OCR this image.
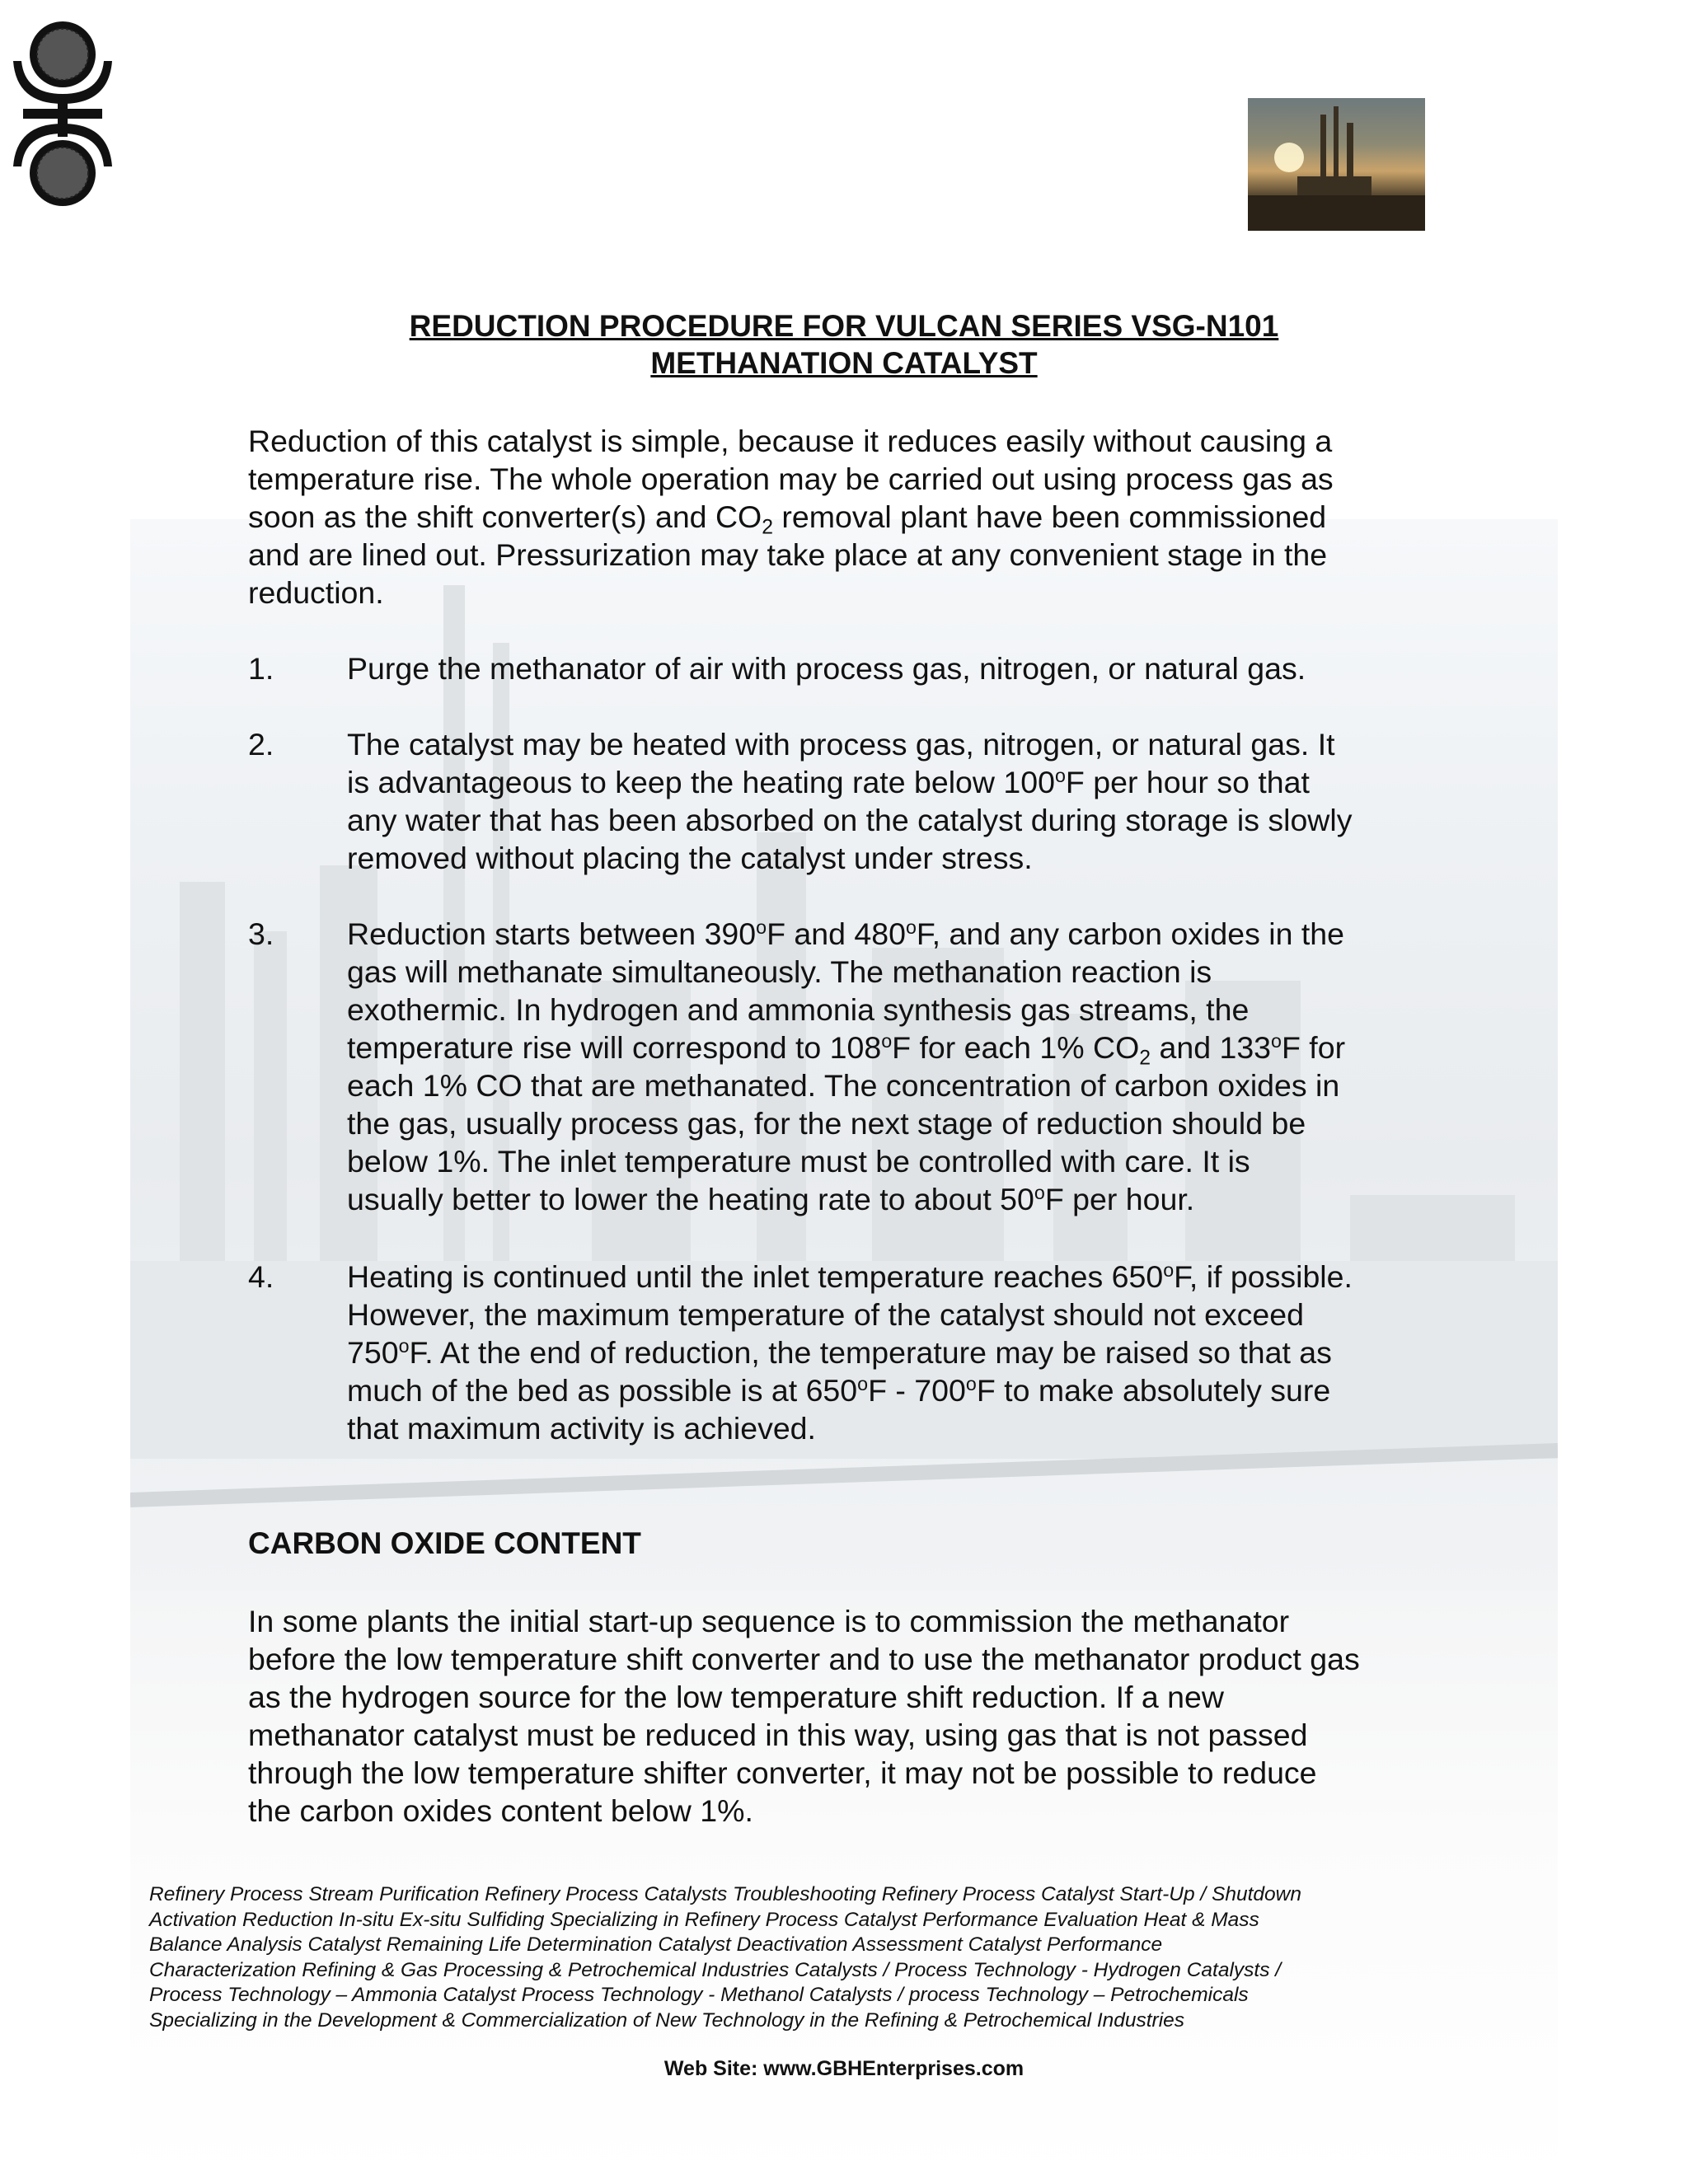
REDUCTION PROCEDURE FOR VULCAN SERIES VSG-N101
METHANATION CATALYST
Reduction of this catalyst is simple, because it reduces easily without causing a
temperature rise. The whole operation may be carried out using process gas as
soon as the shift converter(s) and $CO_2$ removal plant have been commissioned
and are lined out. Pressurization may take place at any convenient stage in the
reduction.
1. Purge the methanator of air with process gas, nitrogen, or natural gas.
2. The catalyst may be heated with process gas, nitrogen, or natural gas. It
is advantageous to keep the heating rate below 100$^o$F per hour so that
any water that has been absorbed on the catalyst during storage is slowly
removed without placing the catalyst under stress.
3. Reduction starts between 390$^o$F and 480$^o$F, and any carbon oxides in the
gas will methanate simultaneously. The methanation reaction is
exothermic. In hydrogen and ammonia synthesis gas streams, the
temperature rise will correspond to 108$^o$F for each 1% $CO_2$ and 133$^o$F for
each 1% CO that are methanated. The concentration of carbon oxides in
the gas, usually process gas, for the next stage of reduction should be
below 1%. The inlet temperature must be controlled with care. It is
usually better to lower the heating rate to about 50$^o$F per hour.
4. Heating is continued until the inlet temperature reaches 650$^o$F, if possible.
However, the maximum temperature of the catalyst should not exceed
750$^o$F. At the end of reduction, the temperature may be raised so that as
much of the bed as possible is at 650$^o$F - 700$^o$F to make absolutely sure
that maximum activity is achieved.
CARBON OXIDE CONTENT
In some plants the initial start-up sequence is to commission the methanator
before the low temperature shift converter and to use the methanator product gas
as the hydrogen source for the low temperature shift reduction. If a new
methanator catalyst must be reduced in this way, using gas that is not passed
through the low temperature shifter converter, it may not be possible to reduce
the carbon oxides content below 1%.
Refinery Process Stream Purification Refinery Process Catalysts Troubleshooting Refinery Process Catalyst Start-Up / Shutdown
Activation Reduction In-situ Ex-situ Sulfiding Specializing in Refinery Process Catalyst Performance Evaluation Heat & Mass
Balance Analysis Catalyst Remaining Life Determination Catalyst Deactivation Assessment Catalyst Performance
Characterization Refining & Gas Processing & Petrochemical Industries Catalysts / Process Technology - Hydrogen Catalysts /
Process Technology – Ammonia Catalyst Process Technology - Methanol Catalysts / process Technology – Petrochemicals
Specializing in the Development & Commercialization of New Technology in the Refining & Petrochemical Industries
Web Site: www.GBHEnterprises.com
